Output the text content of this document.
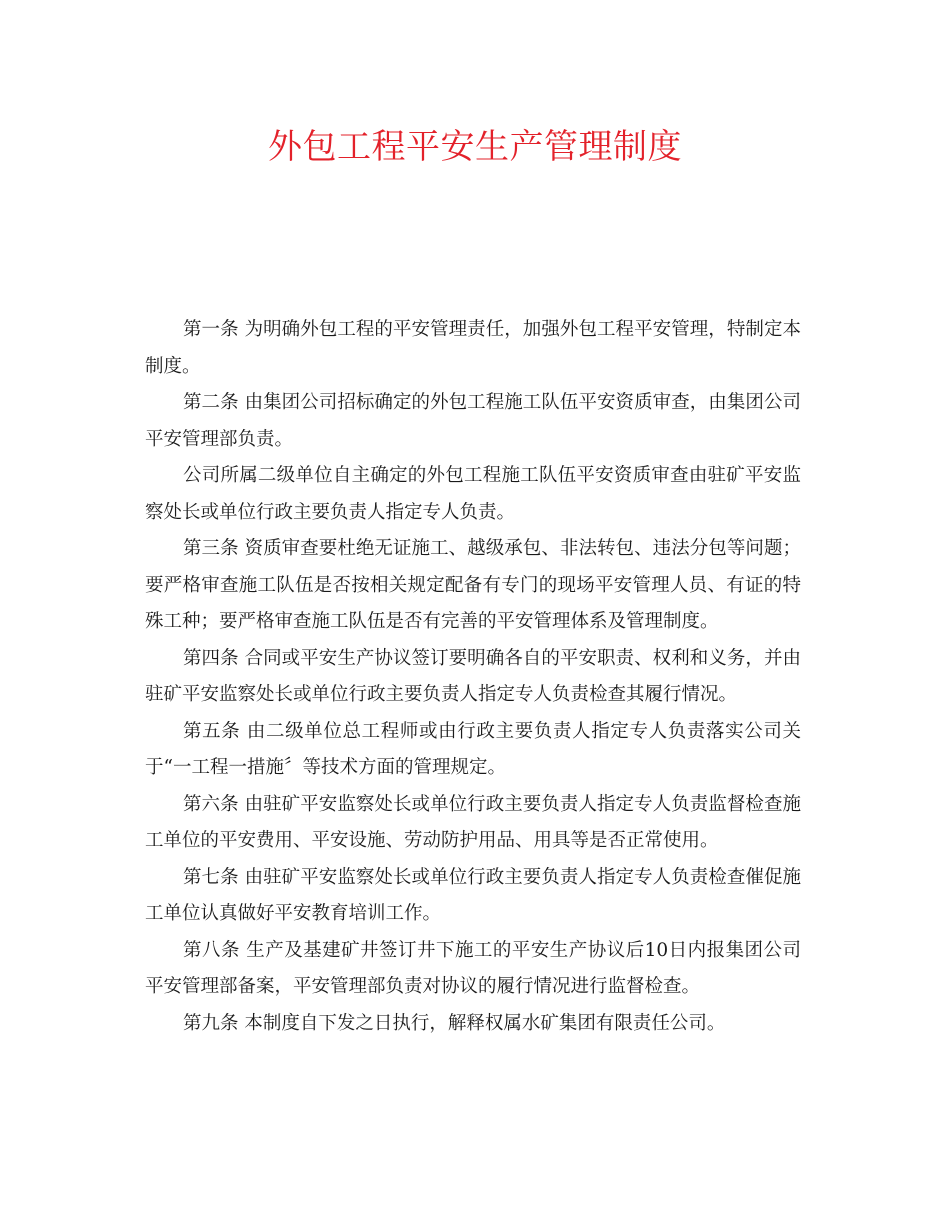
外包工程平安生产管理制度

第一条 为明确外包工程的平安管理责任，加强外包工程平安管理，特制定本制度。

第二条 由集团公司招标确定的外包工程施工队伍平安资质审查，由集团公司平安管理部负责。

公司所属二级单位自主确定的外包工程施工队伍平安资质审查由驻矿平安监察处长或单位行政主要负责人指定专人负责。

第三条 资质审查要杜绝无证施工、越级承包、非法转包、违法分包等问题；要严格审查施工队伍是否按相关规定配备有专门的现场平安管理人员、有证的特殊工种；要严格审查施工队伍是否有完善的平安管理体系及管理制度。

第四条 合同或平安生产协议签订要明确各自的平安职责、权利和义务，并由驻矿平安监察处长或单位行政主要负责人指定专人负责检查其履行情况。

第五条 由二级单位总工程师或由行政主要负责人指定专人负责落实公司关于“一工程一措施〞等技术方面的管理规定。

第六条 由驻矿平安监察处长或单位行政主要负责人指定专人负责监督检查施工单位的平安费用、平安设施、劳动防护用品、用具等是否正常使用。

第七条 由驻矿平安监察处长或单位行政主要负责人指定专人负责检查催促施工单位认真做好平安教育培训工作。

第八条 生产及基建矿井签订井下施工的平安生产协议后10日内报集团公司平安管理部备案，平安管理部负责对协议的履行情况进行监督检查。

第九条 本制度自下发之日执行，解释权属水矿集团有限责任公司。
